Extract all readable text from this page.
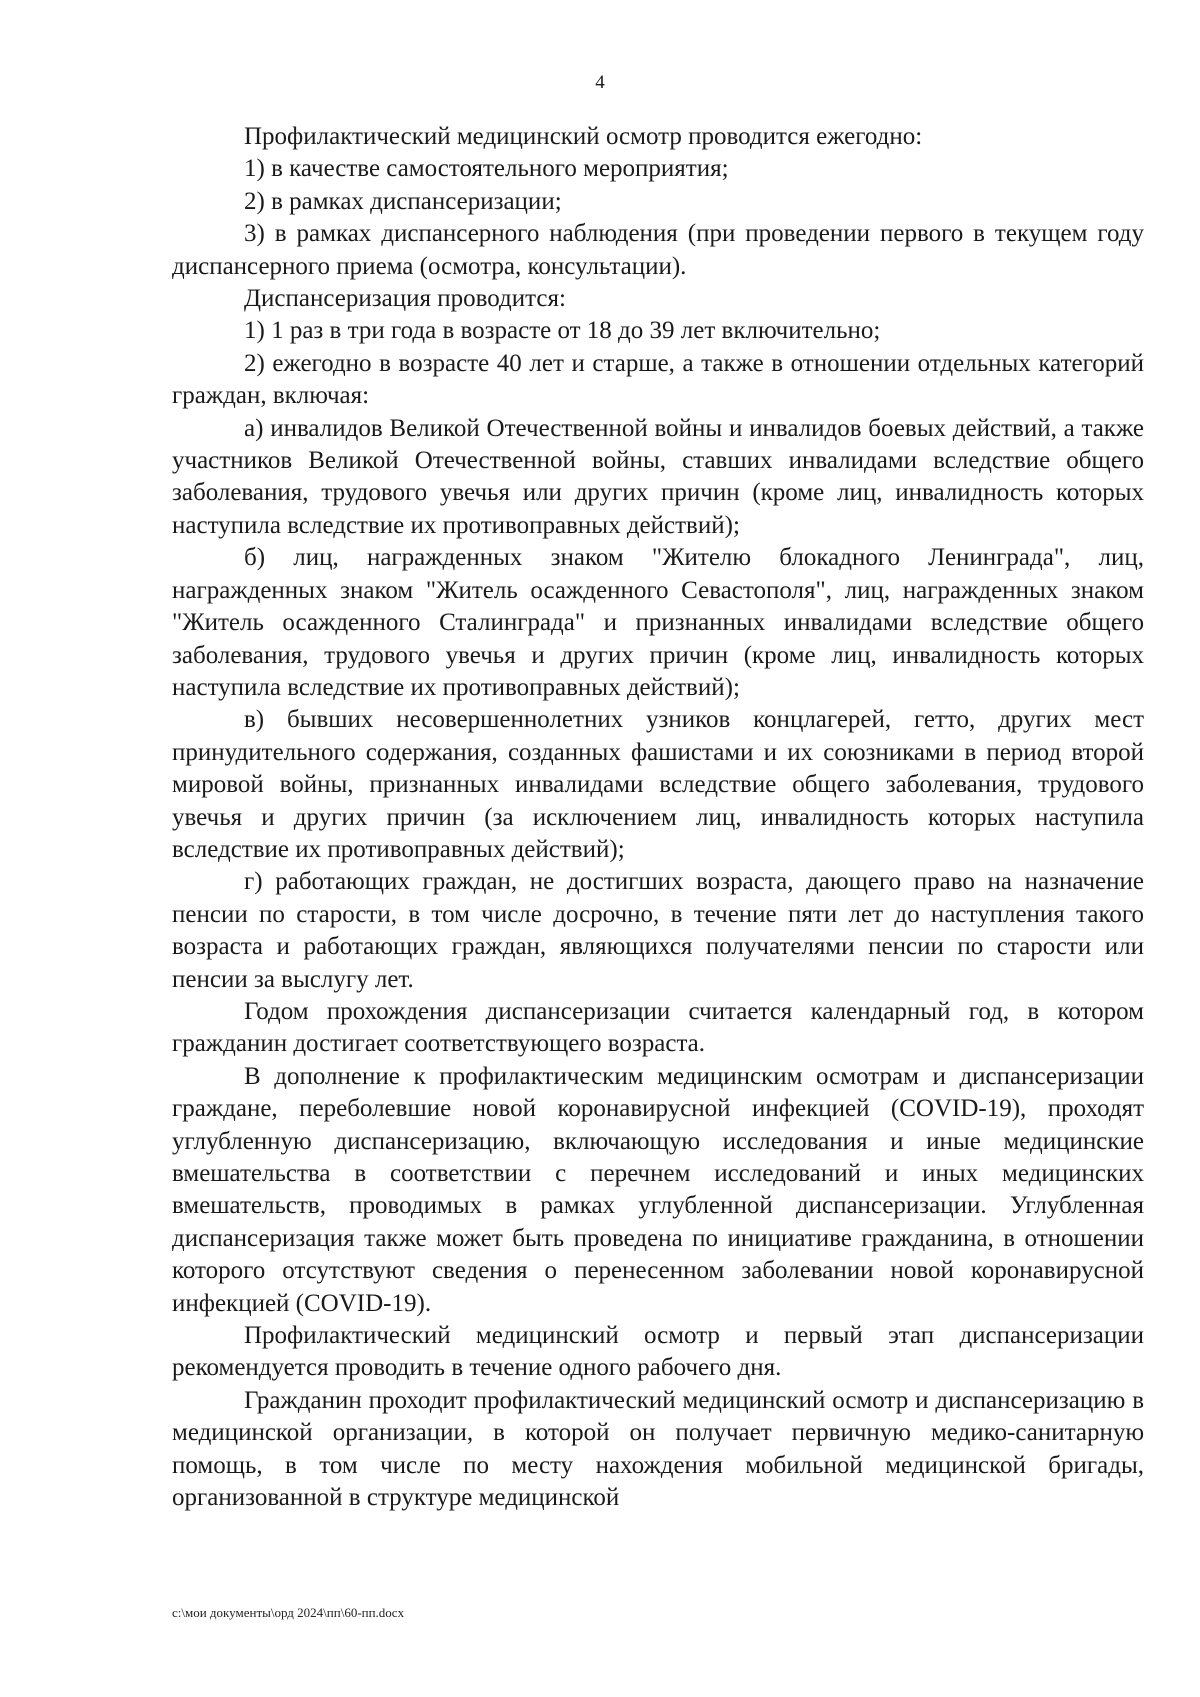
4

Профилактический медицинский осмотр проводится ежегодно:

1) в качестве самостоятельного мероприятия;

2) в рамках диспансеризации;

3) в рамках диспансерного наблюдения (при проведении первого в текущем году диспансерного приема (осмотра, консультации).

Диспансеризация проводится:

1) 1 раз в три года в возрасте от 18 до 39 лет включительно;

2) ежегодно в возрасте 40 лет и старше, а также в отношении отдельных категорий граждан, включая:

а) инвалидов Великой Отечественной войны и инвалидов боевых действий, а также участников Великой Отечественной войны, ставших инвалидами вследствие общего заболевания, трудового увечья или других причин (кроме лиц, инвалидность которых наступила вследствие их противоправных действий);

б) лиц, награжденных знаком "Жителю блокадного Ленинграда", лиц, награжденных знаком "Житель осажденного Севастополя", лиц, награжденных знаком "Житель осажденного Сталинграда" и признанных инвалидами вследствие общего заболевания, трудового увечья и других причин (кроме лиц, инвалидность которых наступила вследствие их противоправных действий);

в) бывших несовершеннолетних узников концлагерей, гетто, других мест принудительного содержания, созданных фашистами и их союзниками в период второй мировой войны, признанных инвалидами вследствие общего заболевания, трудового увечья и других причин (за исключением лиц, инвалидность которых наступила вследствие их противоправных действий);

г) работающих граждан, не достигших возраста, дающего право на назначение пенсии по старости, в том числе досрочно, в течение пяти лет до наступления такого возраста и работающих граждан, являющихся получателями пенсии по старости или пенсии за выслугу лет.

Годом прохождения диспансеризации считается календарный год, в котором гражданин достигает соответствующего возраста.

В дополнение к профилактическим медицинским осмотрам и диспансеризации граждане, переболевшие новой коронавирусной инфекцией (COVID-19), проходят углубленную диспансеризацию, включающую исследования и иные медицинские вмешательства в соответствии с перечнем исследований и иных медицинских вмешательств, проводимых в рамках углубленной диспансеризации. Углубленная диспансеризация также может быть проведена по инициативе гражданина, в отношении которого отсутствуют сведения о перенесенном заболевании новой коронавирусной инфекцией (COVID-19).

Профилактический медицинский осмотр и первый этап диспансеризации рекомендуется проводить в течение одного рабочего дня.

Гражданин проходит профилактический медицинский осмотр и диспансеризацию в медицинской организации, в которой он получает первичную медико-санитарную помощь, в том числе по месту нахождения мобильной медицинской бригады, организованной в структуре медицинской

c:\мои документы\орд 2024\пп\60-пп.docx
